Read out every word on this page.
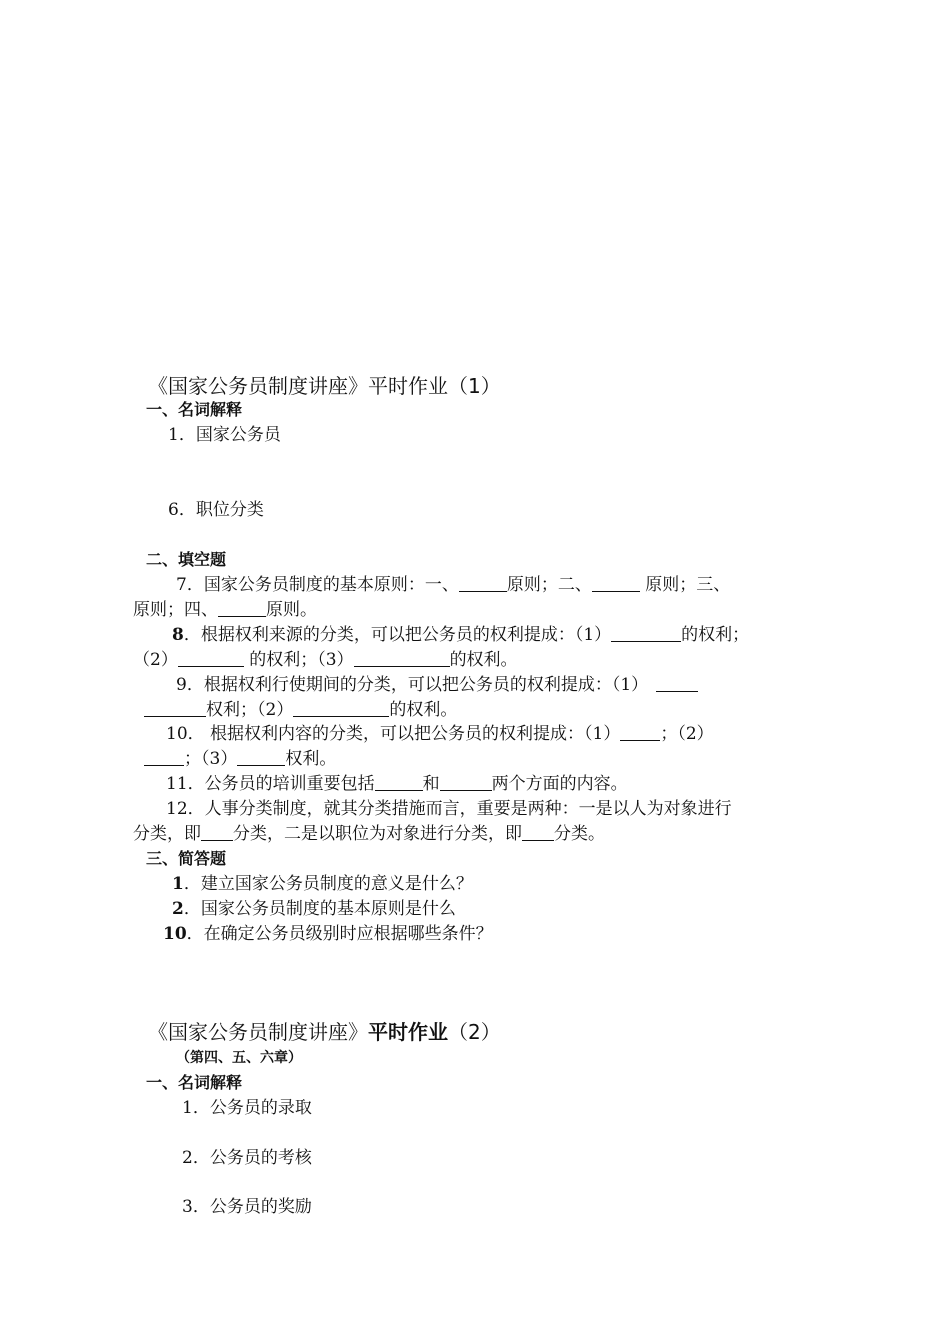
《国家公务员制度讲座》平时作业（1）
一、名词解释
1．国家公务员
6．职位分类
二、填空题
7．国家公务员制度的基本原则：一、	原则；二、	原则；三、
原则；四、	原则。
8．根据权利来源的分类，可以把公务员的权利提成：（1）	的权利；
（2）	的权利；（3）	的权利。
9．根据权利行使期间的分类，可以把公务员的权利提成：（1）
权利；（2）	的权利。
10． 根据权利内容的分类，可以把公务员的权利提成：（1） ；（2）
；（3）	权利。
11．公务员的培训重要包括	和	两个方面的内容。
12．人事分类制度，就其分类措施而言，重要是两种：一是以人为对象进行
分类，即 分类，二是以职位为对象进行分类，即 分类。
三、简答题
1．建立国家公务员制度的意义是什么？
2．国家公务员制度的基本原则是什么
10．在确定公务员级别时应根据哪些条件？
《国家公务员制度讲座》平时作业（2）
（第四、五、六章）
一、名词解释
1．公务员的录取
2．公务员的考核
3．公务员的奖励
